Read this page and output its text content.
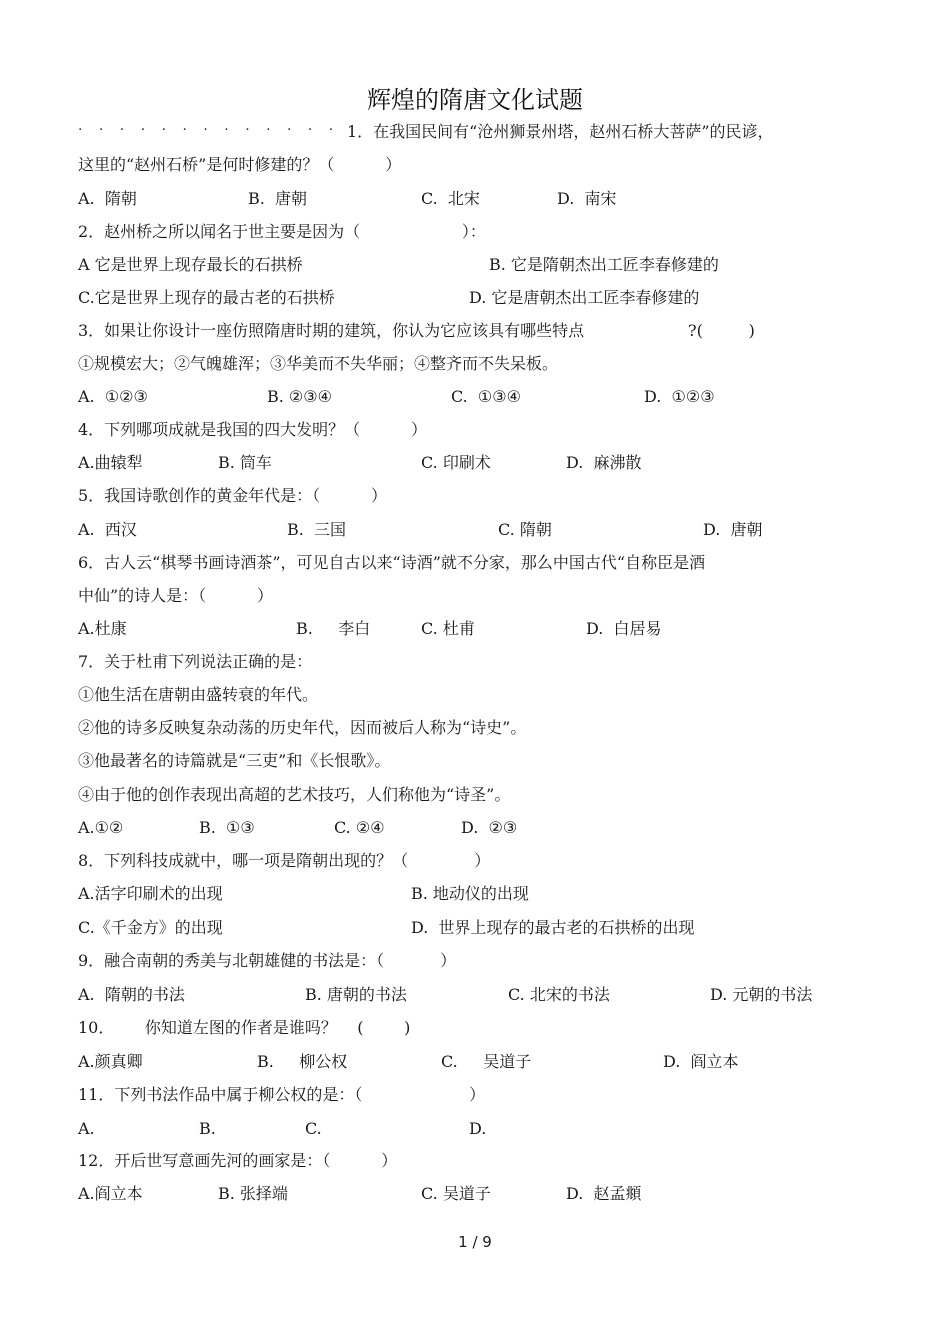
辉煌的隋唐文化试题
· · · · · · · · · · · · · 1．在我国民间有“沧州狮景州塔，赵州石桥大菩萨”的民谚，
这里的“赵州石桥”是何时修建的？（          ）
A.  隋朝	B.  唐朝	C.  北宋	D.  南宋
2．赵州桥之所以闻名于世主要是因为（                    ）：
A 它是世界上现存最长的石拱桥	B. 它是隋朝杰出工匠李春修建的
C.它是世界上现存的最古老的石拱桥	D. 它是唐朝杰出工匠李春修建的
3．如果让你设计一座仿照隋唐时期的建筑，你认为它应该具有哪些特点	?(         )
①规模宏大；②气魄雄浑；③华美而不失华丽；④整齐而不失呆板。
A.  ①②③	B. ②③④	C.  ①③④	D.  ①②③
4．下列哪项成就是我国的四大发明？（          ）
A.曲辕犁	B. 筒车	C. 印刷术	D.  麻沸散
5．我国诗歌创作的黄金年代是：（          ）
A.  西汉	B.  三国	C. 隋朝	D.  唐朝
6．古人云“棋琴书画诗酒茶”，可见自古以来“诗酒”就不分家，那么中国古代“自称臣是酒
中仙”的诗人是：（          ）
A.杜康	B.     李白	C. 杜甫	D.  白居易
7．关于杜甫下列说法正确的是：
①他生活在唐朝由盛转衰的年代。
②他的诗多反映复杂动荡的历史年代，因而被后人称为“诗史”。
③他最著名的诗篇就是“三吏”和《长恨歌》。
④由于他的创作表现出高超的艺术技巧，人们称他为“诗圣”。
A.①②	B.  ①③	C. ②④	D.  ②③
8．下列科技成就中，哪一项是隋朝出现的？（             ）
A.活字印刷术的出现	B. 地动仪的出现
C.《千金方》的出现	D.  世界上现存的最古老的石拱桥的出现
9．融合南朝的秀美与北朝雄健的书法是：（           ）
A.  隋朝的书法	B. 唐朝的书法	C. 北宋的书法	D. 元朝的书法
10．      你知道左图的作者是谁吗？    (        )
A.颜真卿	B.     柳公权	C.     吴道子	D.  阎立本
11．下列书法作品中属于柳公权的是：（                     ）
A.	B.	C.	D.
12．开后世写意画先河的画家是：（          ）
A.阎立本	B. 张择端	C. 吴道子	D.  赵孟頫
1 / 9
